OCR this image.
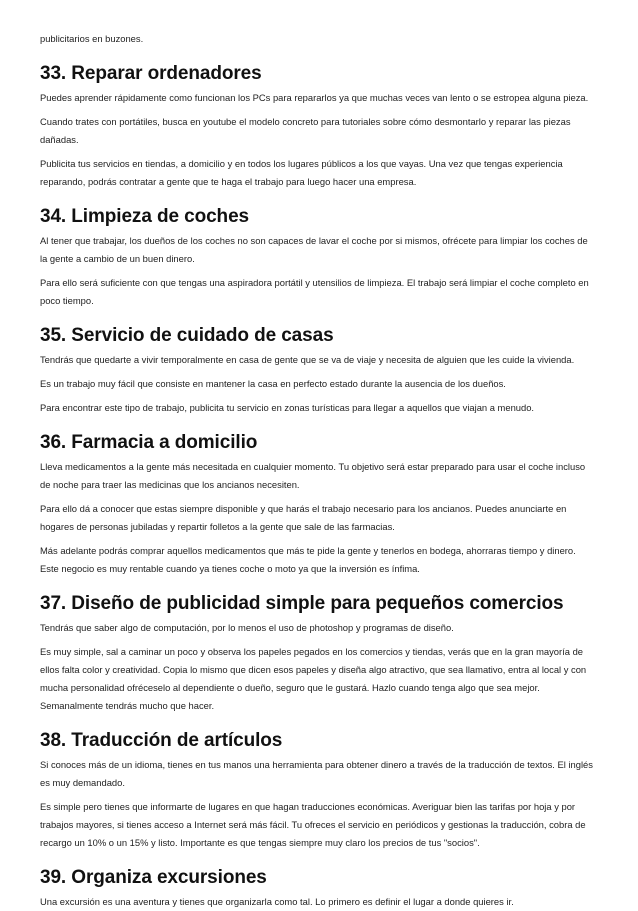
publicitarios en buzones.

33. Reparar ordenadores

Puedes aprender rápidamente como funcionan los PCs para repararlos ya que muchas veces van lento o se estropea alguna pieza.

Cuando trates con portátiles, busca en youtube el modelo concreto para tutoriales sobre cómo desmontarlo y reparar las piezas dañadas.

Publicita tus servicios en tiendas, a domicilio y en todos los lugares públicos a los que vayas. Una vez que tengas experiencia reparando, podrás contratar a gente que te haga el trabajo para luego hacer una empresa.

34. Limpieza de coches

Al tener que trabajar, los dueños de los coches no son capaces de lavar el coche por si mismos, ofrécete para limpiar los coches de la gente a cambio de un buen dinero.

Para ello será suficiente con que tengas una aspiradora portátil y utensilios de limpieza. El trabajo será limpiar el coche completo en poco tiempo.

35. Servicio de cuidado de casas

Tendrás que quedarte a vivir temporalmente en casa de gente que se va de viaje y necesita de alguien que les cuide la vivienda.

Es un trabajo muy fácil que consiste en mantener la casa en perfecto estado durante la ausencia de los dueños.

Para encontrar este tipo de trabajo, publicita tu servicio en zonas turísticas para llegar a aquellos que viajan a menudo.

36. Farmacia a domicilio

Lleva medicamentos a la gente más necesitada en cualquier momento. Tu objetivo será estar preparado para usar el coche incluso de noche para traer las medicinas que los ancianos necesiten.

Para ello dá a conocer que estas siempre disponible y que harás el trabajo necesario para los ancianos. Puedes anunciarte en hogares de personas jubiladas y repartir folletos a la gente que sale de las farmacias.

Más adelante podrás comprar aquellos medicamentos que más te pide la gente y tenerlos en bodega, ahorraras tiempo y dinero. Este negocio es muy rentable cuando ya tienes coche o moto ya que la inversión es ínfima.

37. Diseño de publicidad simple para pequeños comercios

Tendrás que saber algo de computación, por lo menos el uso de photoshop y programas de diseño.

Es muy simple, sal a caminar un poco y observa los papeles pegados en los comercios y tiendas, verás que en la gran mayoría de ellos falta color y creatividad. Copia lo mismo que dicen esos papeles y diseña algo atractivo, que sea llamativo, entra al local y con mucha personalidad ofréceselo al dependiente o dueño, seguro que le gustará. Hazlo cuando tenga algo que sea mejor. Semanalmente tendrás mucho que hacer.

38. Traducción de artículos

Si conoces más de un idioma, tienes en tus manos una herramienta para obtener dinero a través de la traducción de textos. El inglés es muy demandado.

Es simple pero tienes que informarte de lugares en que hagan traducciones económicas. Averiguar bien las tarifas por hoja y por trabajos mayores, si tienes acceso a Internet será más fácil. Tu ofreces el servicio en periódicos y gestionas la traducción, cobra de recargo un 10% o un 15% y listo. Importante es que tengas siempre muy claro los precios de tus "socios".

39. Organiza excursiones

Una excursión es una aventura y tienes que organizarla como tal. Lo primero es definir el lugar a donde quieres ir.
